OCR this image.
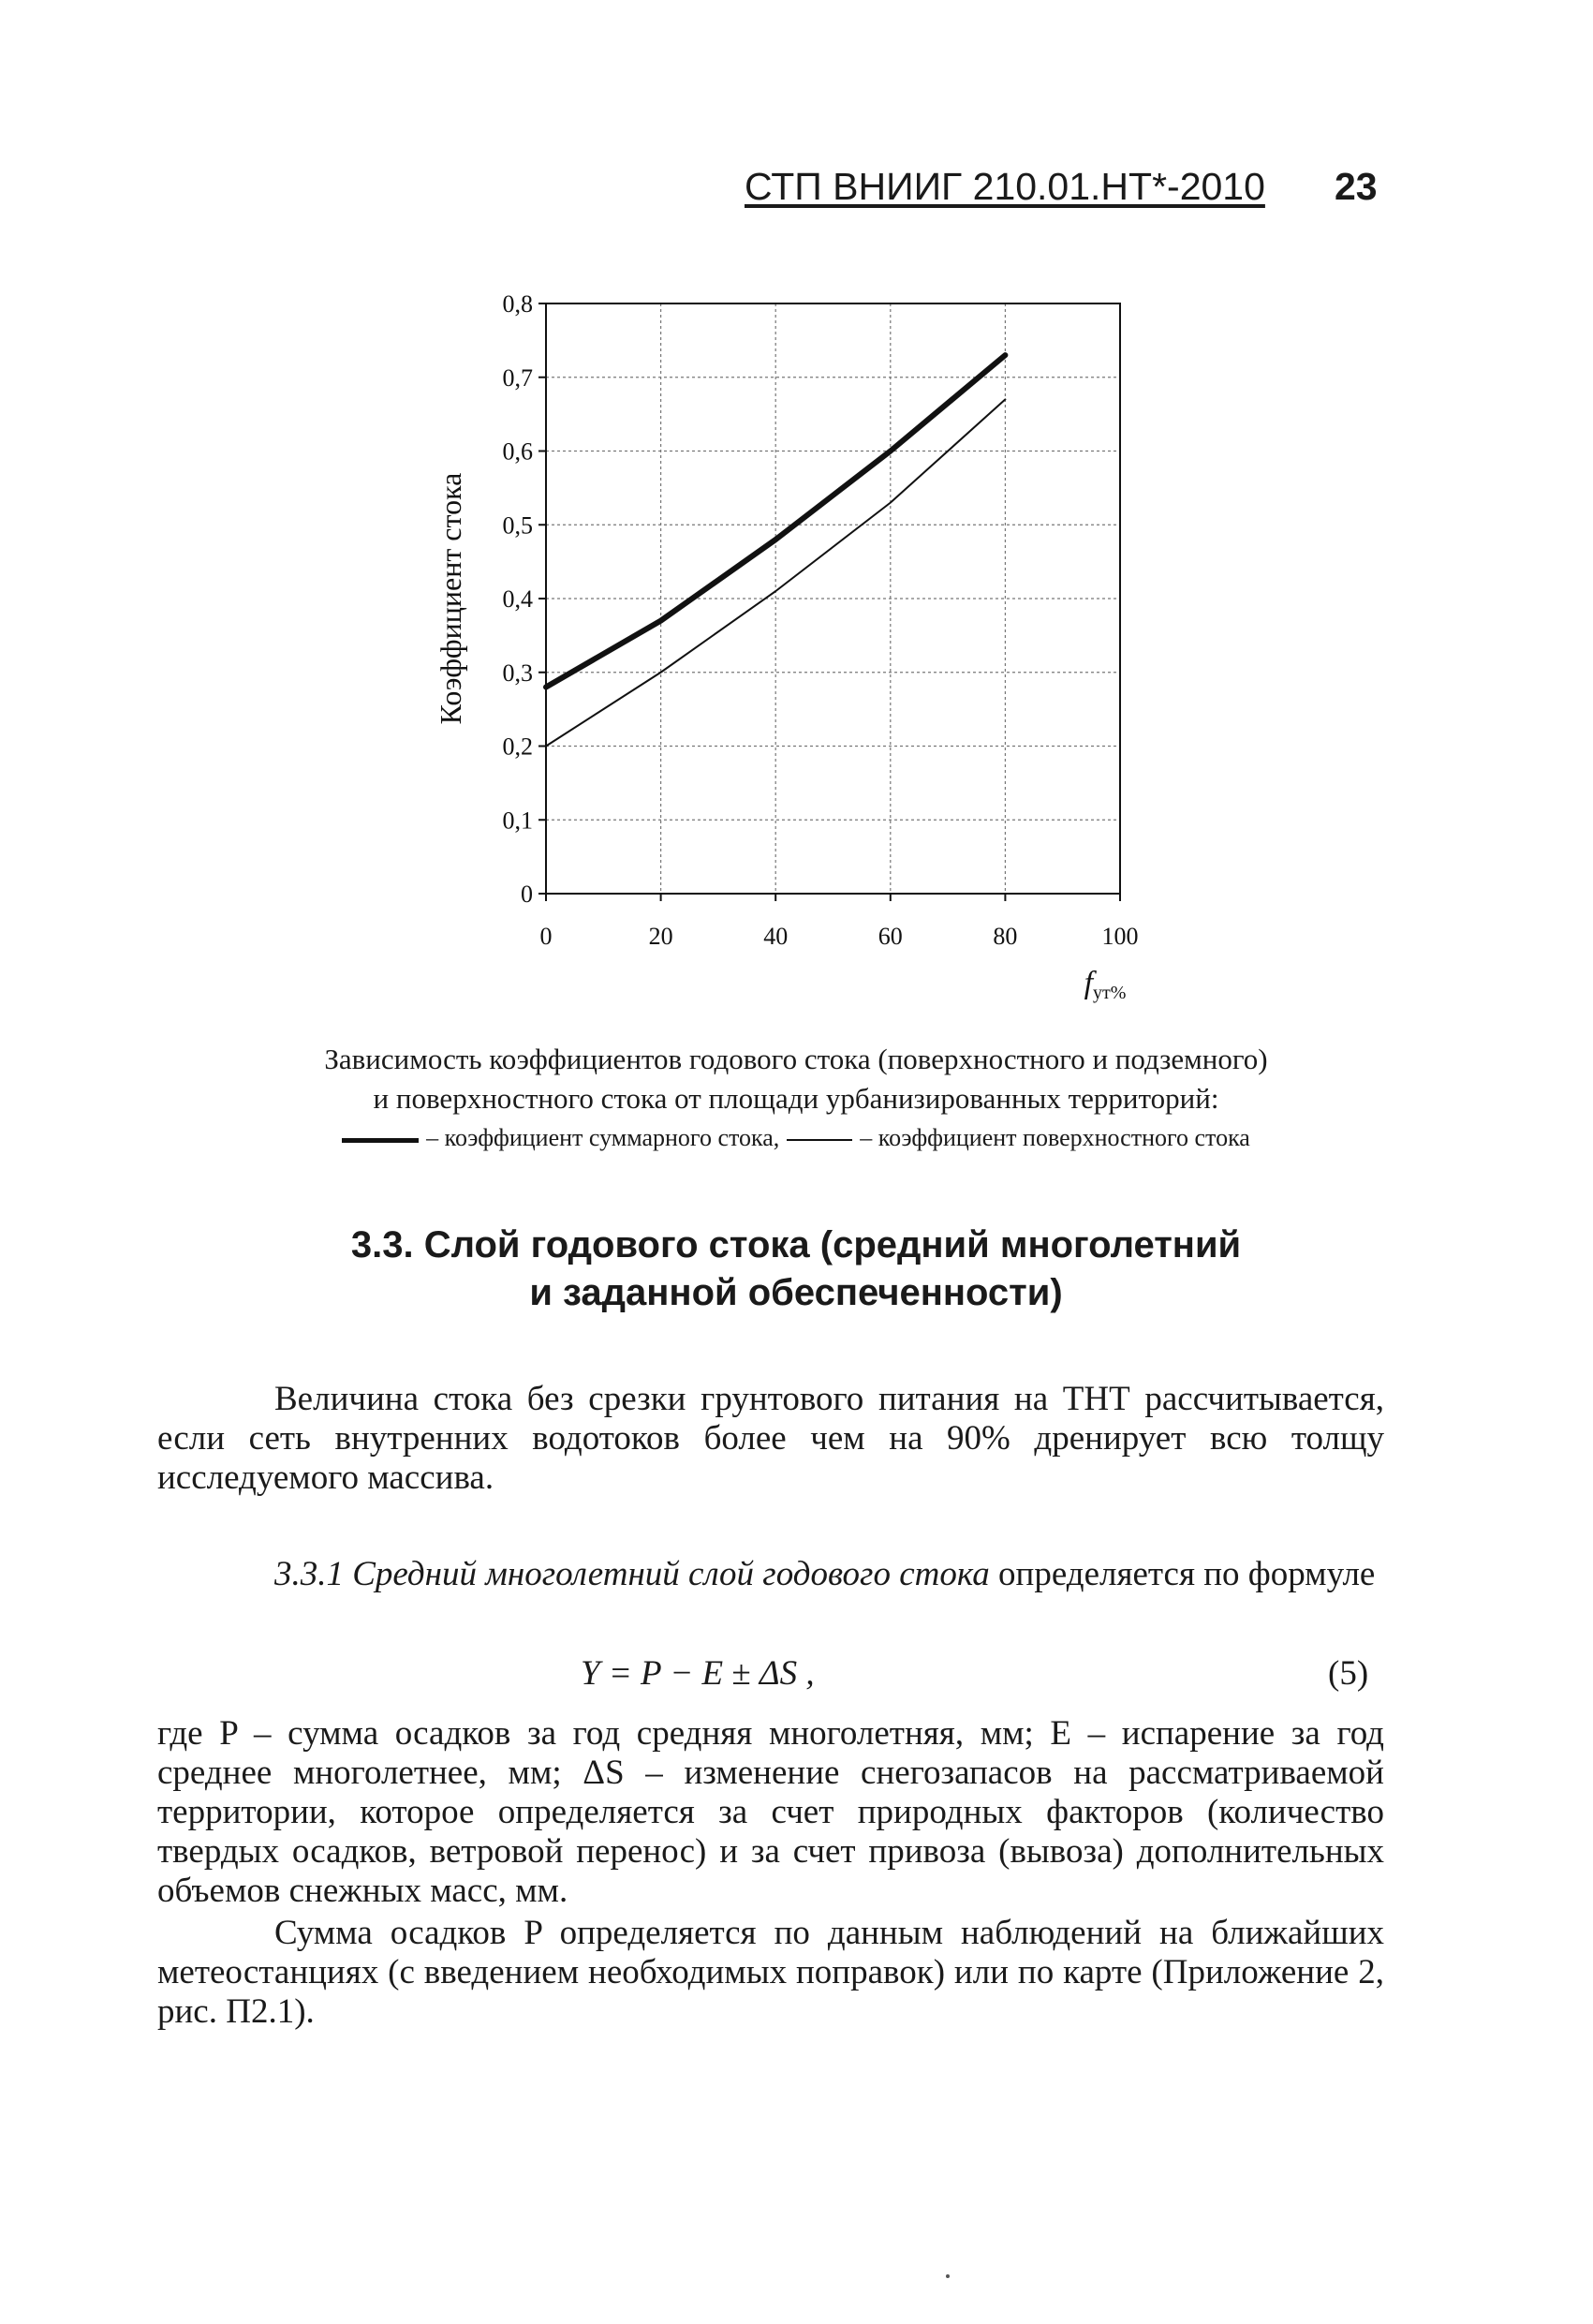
СТП ВНИИГ 210.01.НТ*-2010 23
0
0,1
0,2
0,3
0,4
0,5
0,6
0,7
0,8
0	20	40	60	80	100
Коэффициент стока
$f_{ут\%}$
Зависимость коэффициентов годового стока (поверхностного и подземного)
и поверхностного стока от площади урбанизированных территорий:
– коэффициент суммарного стока,	– коэффициент поверхностного стока
3.3. Слой годового стока (средний многолетний
и заданной обеспеченности)
Величина стока без срезки грунтового питания на ТНТ рассчитывается, если сеть внутренних водотоков более чем на 90% дренирует всю толщу исследуемого массива.
3.3.1 Средний многолетний слой годового стока определяется по формуле
Y = P − E ± ΔS ,	(5)
где P – сумма осадков за год средняя многолетняя, мм; E – испарение за год среднее многолетнее, мм; ΔS – изменение снегозапасов на рассматриваемой территории, которое определяется за счет природных факторов (количество твердых осадков, ветровой перенос) и за счет привоза (вывоза) дополнительных объемов снежных масс, мм.
Сумма осадков P определяется по данным наблюдений на ближайших метеостанциях (с введением необходимых поправок) или по карте (Приложение 2, рис. П2.1).
